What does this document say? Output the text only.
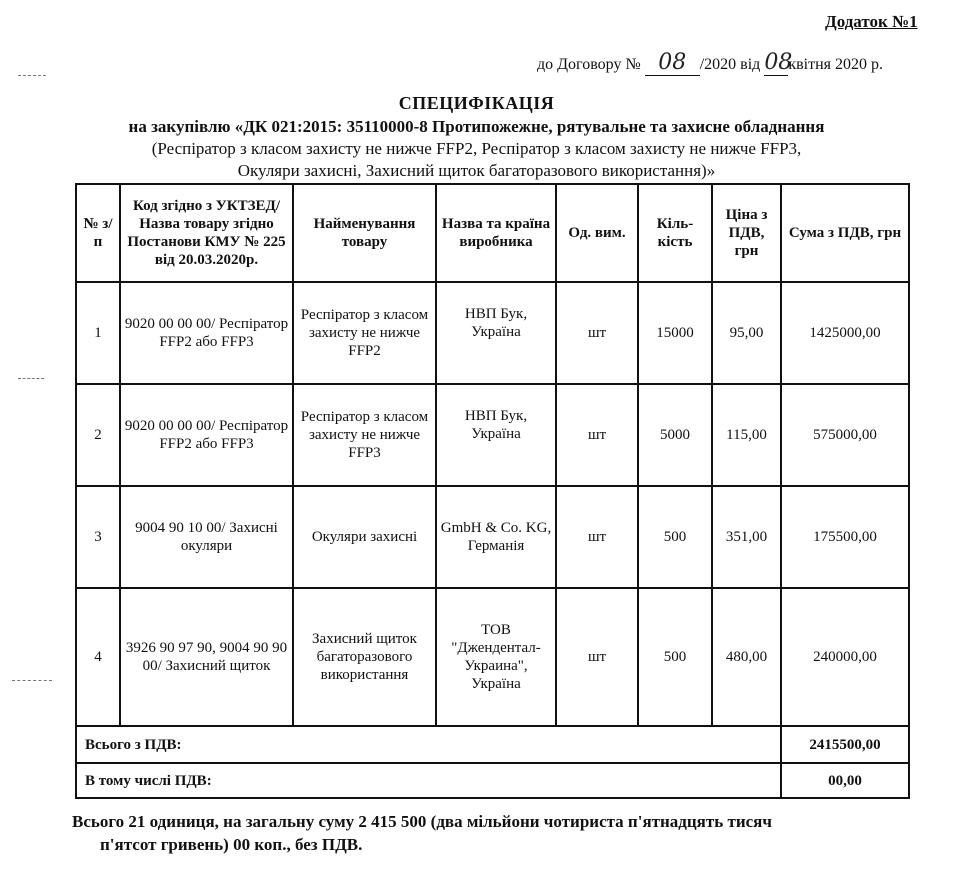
Додаток №1
до Договору № 08 /2020 від 08квітня 2020 р.
СПЕЦИФІКАЦІЯ
на закупівлю «ДК 021:2015: 35110000-8 Протипожежне, рятувальне та захисне обладнання
(Респіратор з класом захисту не нижче FFP2, Респіратор з класом захисту не нижче FFP3,
Окуляри захисні, Захисний щиток багаторазового використання)»
№ з/п	Код згідно з УКТЗЕД/Назва товару згідно Постанови КМУ № 225 від 20.03.2020р.	Найменування товару	Назва та країна виробника	Од. вим.	Кіль-кість	Ціна з ПДВ, грн	Сума з ПДВ, грн
1	9020 00 00 00/ Респіратор FFP2 або FFP3	Респіратор з класом захисту не нижче FFP2	НВП Бук, Україна	шт	15000	95,00	1425000,00
2	9020 00 00 00/ Респіратор FFP2 або FFP3	Респіратор з класом захисту не нижче FFP3	НВП Бук, Україна	шт	5000	115,00	575000,00
3	9004 90 10 00/ Захисні окуляри	Окуляри захисні	GmbH & Co. KG, Германія	шт	500	351,00	175500,00
4	3926 90 97 90, 9004 90 90 00/ Захисний щиток	Захисний щиток багаторазового використання	ТОВ "Джендентал-Украина", Україна	шт	500	480,00	240000,00
Всього з ПДВ:							2415500,00
В тому числі ПДВ:							00,00
Всього 21 одиниця, на загальну суму 2 415 500 (два мільйони чотириста п'ятнадцять тисяч
п'ятсот гривень) 00 коп., без ПДВ.
